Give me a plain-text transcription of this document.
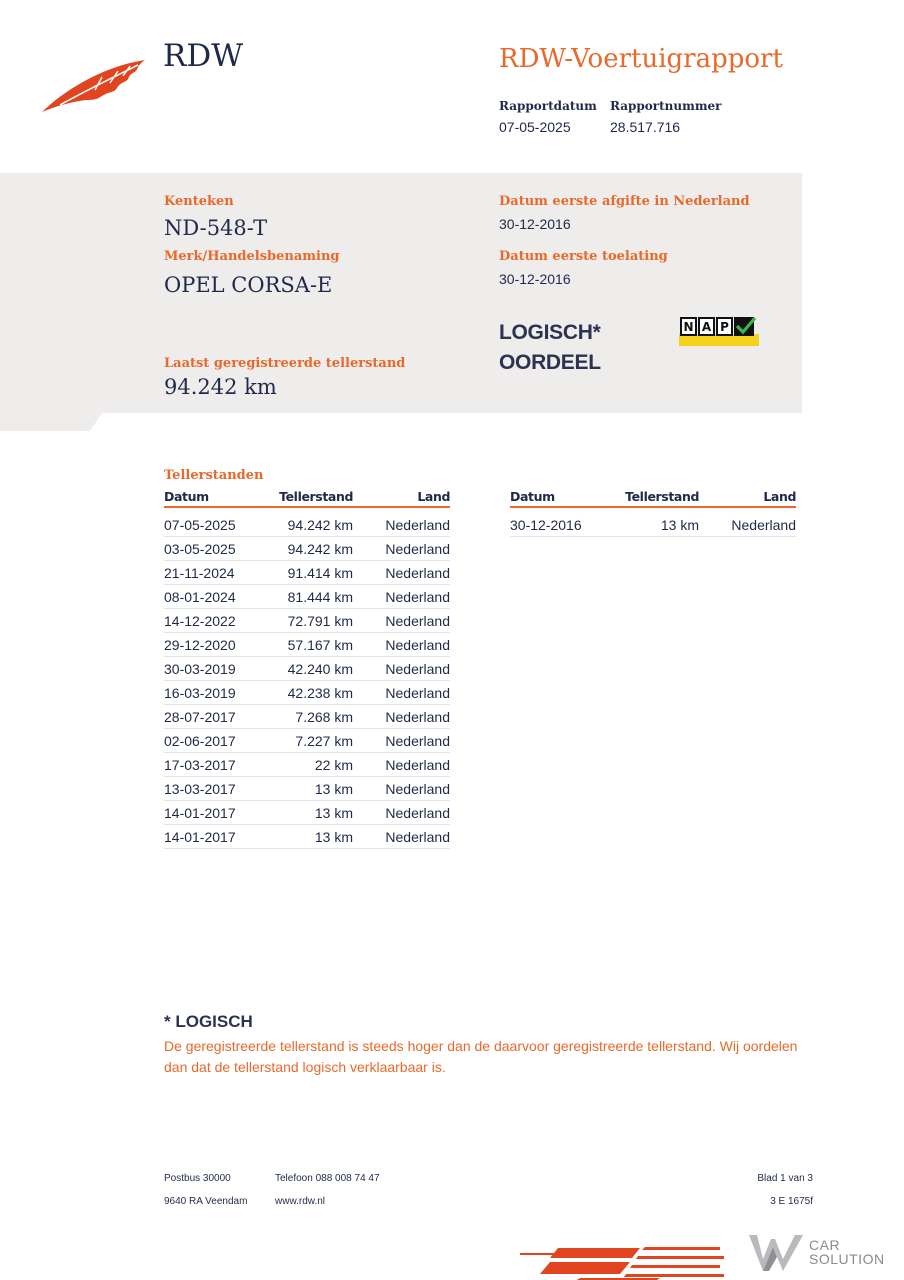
RDW	RDW-Voertuigrapport
Rapportdatum
07-05-2025
Rapportnummer
28.517.716
Kenteken
ND-548-T
Merk/Handelsbenaming
OPEL CORSA-E
Laatst geregistreerde tellerstand
94.242 km
Datum eerste afgifte in Nederland
30-12-2016
Datum eerste toelating
30-12-2016
LOGISCH*
OORDEEL
N A P
Tellerstanden
Datum	Tellerstand	Land
07-05-2025	94.242 km	Nederland
03-05-2025	94.242 km	Nederland
21-11-2024	91.414 km	Nederland
08-01-2024	81.444 km	Nederland
14-12-2022	72.791 km	Nederland
29-12-2020	57.167 km	Nederland
30-03-2019	42.240 km	Nederland
16-03-2019	42.238 km	Nederland
28-07-2017	7.268 km	Nederland
02-06-2017	7.227 km	Nederland
17-03-2017	22 km	Nederland
13-03-2017	13 km	Nederland
14-01-2017	13 km	Nederland
14-01-2017	13 km	Nederland
Datum	Tellerstand	Land
30-12-2016	13 km	Nederland
* LOGISCH
De geregistreerde tellerstand is steeds hoger dan de daarvoor geregistreerde tellerstand. Wij oordelen dan dat de tellerstand logisch verklaarbaar is.
Postbus 30000
9640 RA Veendam
Telefoon 088 008 74 47
www.rdw.nl
Blad 1 van 3
3 E 1675f
CAR
SOLUTION
